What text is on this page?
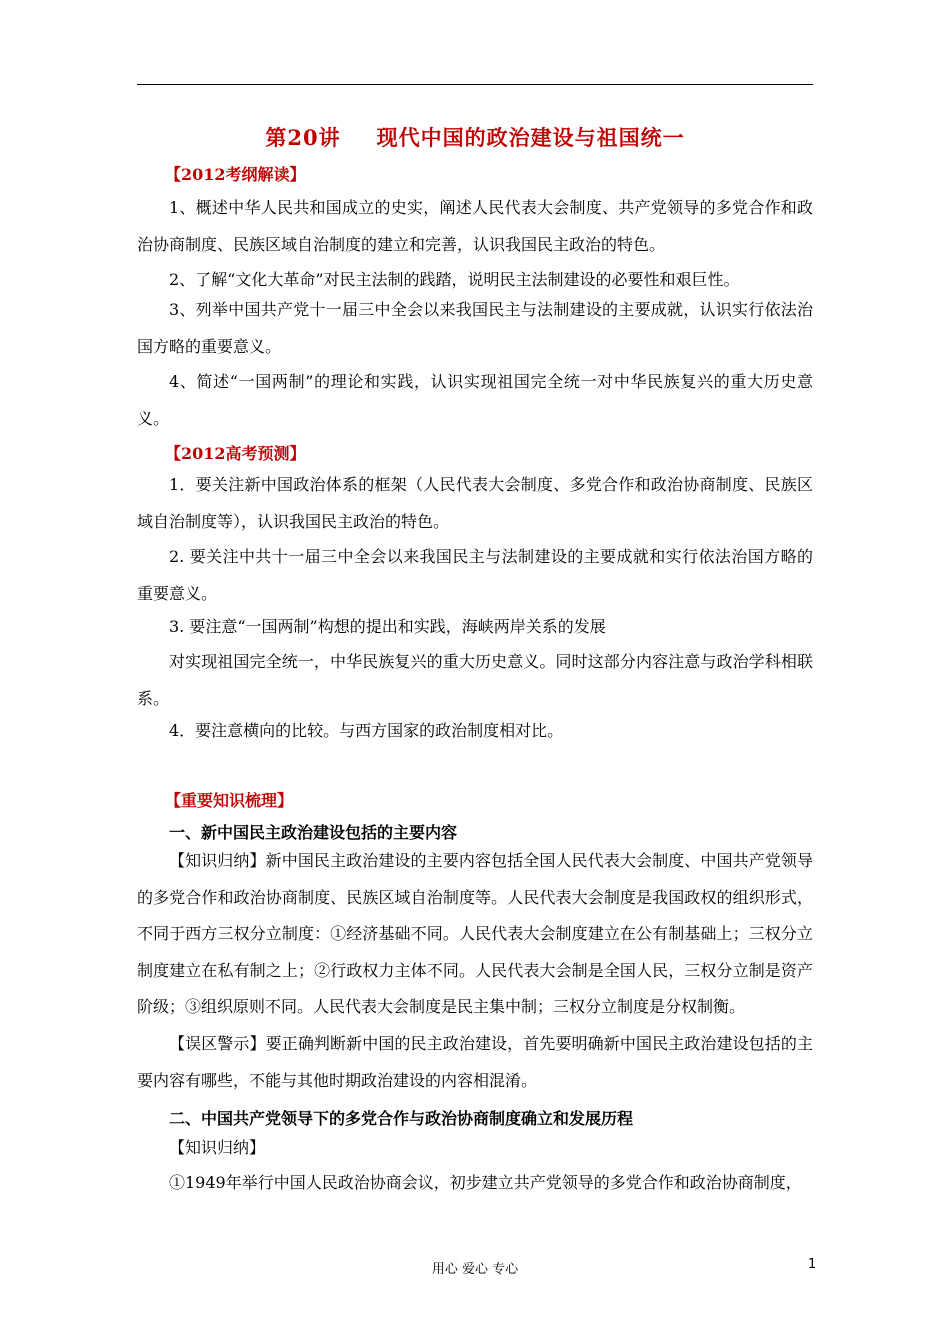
第20讲 现代中国的政治建设与祖国统一
【2012考纲解读】
1、概述中华人民共和国成立的史实，阐述人民代表大会制度、共产党领导的多党合作和政治协商制度、民族区域自治制度的建立和完善，认识我国民主政治的特色。
2、了解“文化大革命”对民主法制的践踏，说明民主法制建设的必要性和艰巨性。
3、列举中国共产党十一届三中全会以来我国民主与法制建设的主要成就，认识实行依法治国方略的重要意义。
4、简述“一国两制”的理论和实践，认识实现祖国完全统一对中华民族复兴的重大历史意义。
【2012高考预测】
1．要关注新中国政治体系的框架（人民代表大会制度、多党合作和政治协商制度、民族区域自治制度等），认识我国民主政治的特色。
2. 要关注中共十一届三中全会以来我国民主与法制建设的主要成就和实行依法治国方略的重要意义。
3. 要注意“一国两制”构想的提出和实践，海峡两岸关系的发展
对实现祖国完全统一，中华民族复兴的重大历史意义。同时这部分内容注意与政治学科相联系。
4．要注意横向的比较。与西方国家的政治制度相对比。
【重要知识梳理】
一、新中国民主政治建设包括的主要内容
【知识归纳】新中国民主政治建设的主要内容包括全国人民代表大会制度、中国共产党领导的多党合作和政治协商制度、民族区域自治制度等。人民代表大会制度是我国政权的组织形式，不同于西方三权分立制度：①经济基础不同。人民代表大会制度建立在公有制基础上；三权分立制度建立在私有制之上；②行政权力主体不同。人民代表大会制是全国人民，三权分立制是资产阶级；③组织原则不同。人民代表大会制度是民主集中制；三权分立制度是分权制衡。
【误区警示】要正确判断新中国的民主政治建设，首先要明确新中国民主政治建设包括的主要内容有哪些，不能与其他时期政治建设的内容相混淆。
二、中国共产党领导下的多党合作与政治协商制度确立和发展历程
【知识归纳】
①1949年举行中国人民政治协商会议，初步建立共产党领导的多党合作和政治协商制度，
用心 爱心 专心	1
